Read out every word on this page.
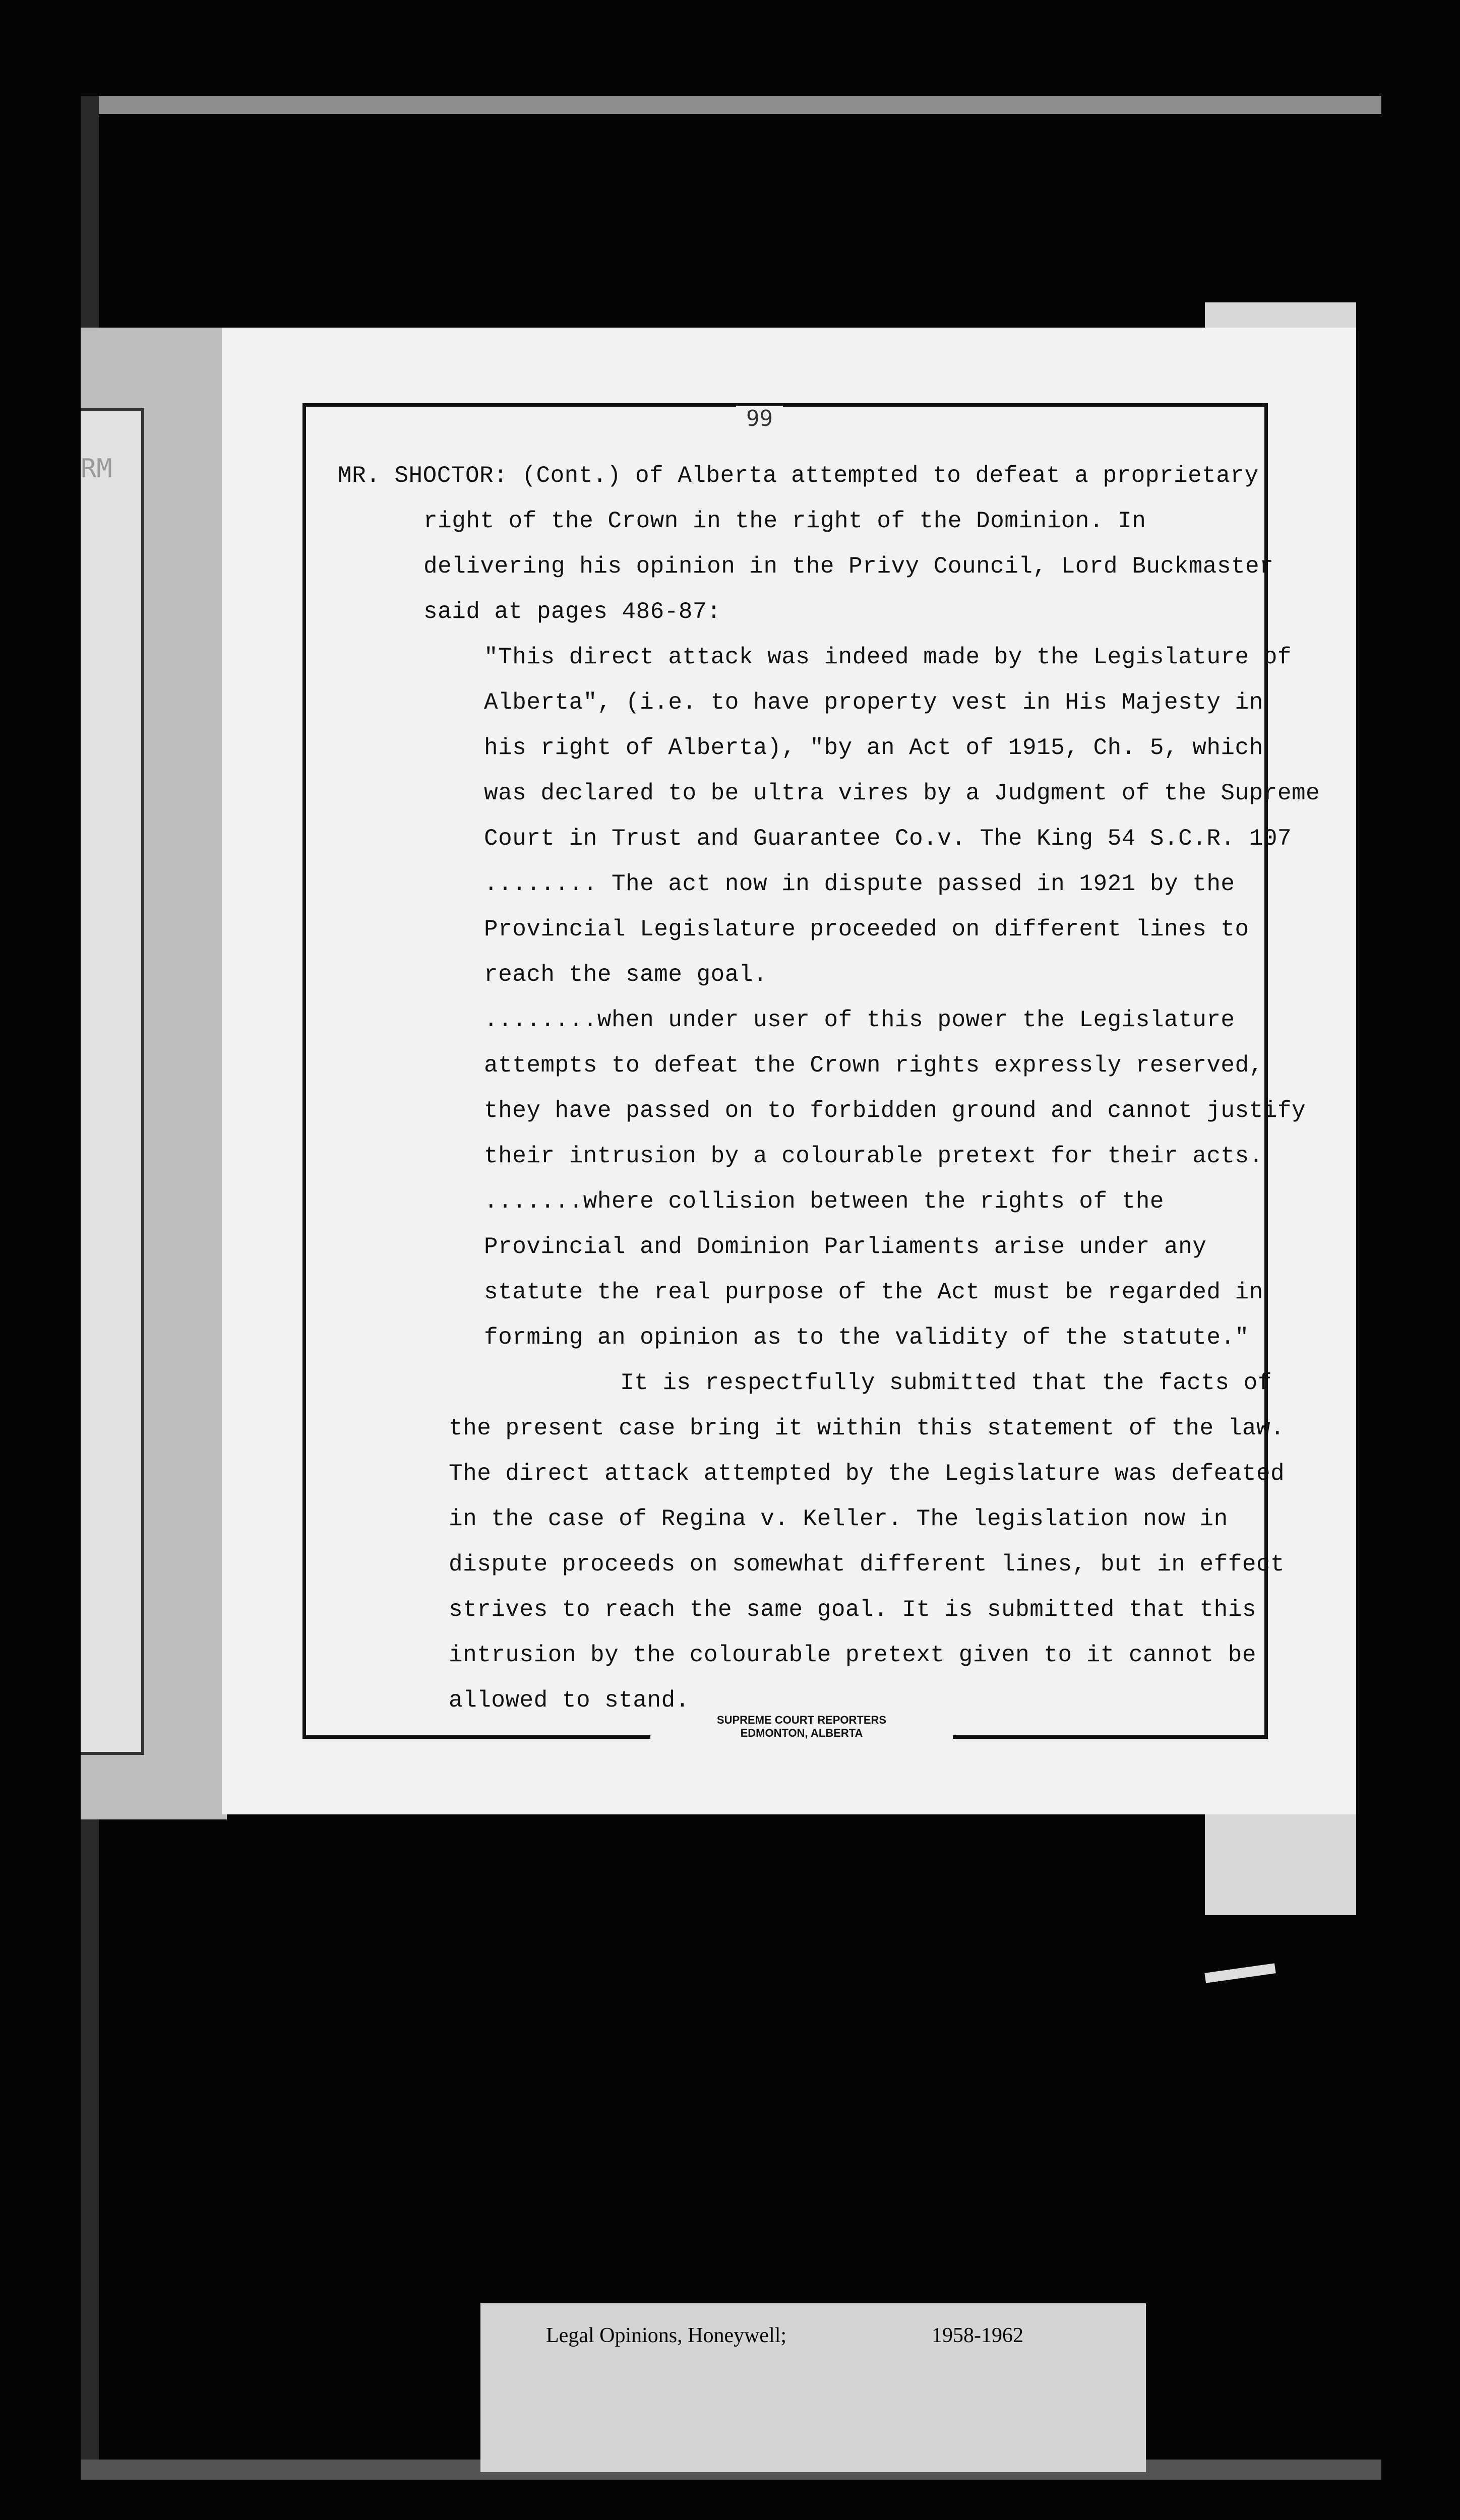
RM
99
MR. SHOCTOR: (Cont.) of Alberta attempted to defeat a proprietary
right of the Crown in the right of the Dominion. In
delivering his opinion in the Privy Council, Lord Buckmaster
said at pages 486-87:
"This direct attack was indeed made by the Legislature of
Alberta", (i.e. to have property vest in His Majesty in
his right of Alberta), "by an Act of 1915, Ch. 5, which
was declared to be ultra vires by a Judgment of the Supreme
Court in Trust and Guarantee Co.v. The King 54 S.C.R. 107
........ The act now in dispute passed in 1921 by the
Provincial Legislature proceeded on different lines to
reach the same goal.
........when under user of this power the Legislature
attempts to defeat the Crown rights expressly reserved,
they have passed on to forbidden ground and cannot justify
their intrusion by a colourable pretext for their acts.
.......where collision between the rights of the
Provincial and Dominion Parliaments arise under any
statute the real purpose of the Act must be regarded in
forming an opinion as to the validity of the statute."
It is respectfully submitted that the facts of
the present case bring it within this statement of the law.
The direct attack attempted by the Legislature was defeated
in the case of Regina v. Keller. The legislation now in
dispute proceeds on somewhat different lines, but in effect
strives to reach the same goal. It is submitted that this
intrusion by the colourable pretext given to it cannot be
allowed to stand.
SUPREME COURT REPORTERS
EDMONTON, ALBERTA
Legal Opinions, Honeywell;	1958-1962
